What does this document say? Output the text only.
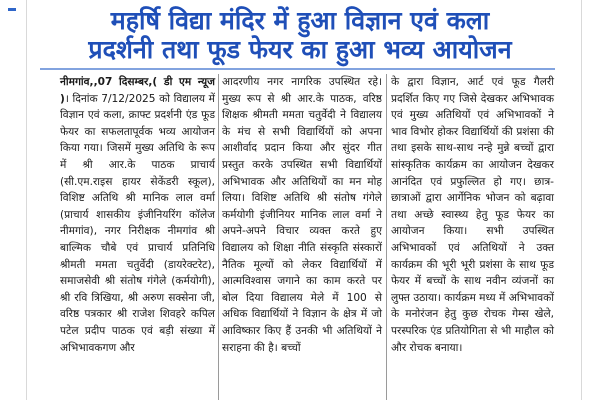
महर्षि विद्या मंदिर में हुआ विज्ञान एवं कला

प्रदर्शनी तथा फूड फेयर का हुआ भव्य आयोजन

नीमगांव,,07 दिसम्बर,( डी एम न्यूज )। दिनांक 7/12/2025 को विद्यालय में विज्ञान एवं कला, क्राफ्ट प्रदर्शनी एंड फूड फेयर का सफलतापूर्वक भव्य आयोजन किया गया। जिसमें मुख्य अतिथि के रूप में श्री आर.के पाठक प्राचार्य (सी.एम.राइस हायर सेकेंडरी स्कूल), विशिष्ट अतिथि श्री मानिक लाल वर्मा (प्राचार्य शासकीय इंजीनियरिंग कॉलेज नीमगांव), नगर निरीक्षक नीमगांव श्री बाल्मिक चौबे एवं प्राचार्य प्रतिनिधि श्रीमती ममता चतुर्वेदी (डायरेक्टरेट), समाजसेवी श्री संतोष गंगेले (कर्मयोगी), श्री रवि त्रिखिया, श्री अरुण सक्सेना जी, वरिष्ठ पत्रकार श्री राजेश शिवहरे कपिल पटेल प्रदीप पाठक एवं बड़ी संख्या में अभिभावकगण और

आदरणीय नगर नागरिक उपस्थित रहे। मुख्य रूप से श्री आर.के पाठक, वरिष्ठ शिक्षक श्रीमती ममता चतुर्वेदी ने विद्यालय के मंच से सभी विद्यार्थियों को अपना आशीर्वाद प्रदान किया और सुंदर गीत प्रस्तुत करके उपस्थित सभी विद्यार्थियों अभिभावक और अतिथियों का मन मोह लिया। विशिष्ट अतिथि श्री संतोष गंगेले कर्मयोगी इंजीनियर मानिक लाल वर्मा ने अपने-अपने विचार व्यक्त करते हुए विद्यालय को शिक्षा नीति संस्कृति संस्कारों नैतिक मूल्यों को लेकर विद्यार्थियों में आत्मविश्वास जगाने का काम करते पर बोल दिया विद्यालय मेले में 100 से अधिक विद्यार्थियों ने विज्ञान के क्षेत्र में जो आविष्कार किए हैं उनकी भी अतिथियों ने सराहना की है। बच्चों

के द्वारा विज्ञान, आर्ट एवं फूड गैलरी प्रदर्शित किए गए जिसे देखकर अभिभावक एवं मुख्य अतिथियों एवं अभिभावकों ने भाव विभोर होकर विद्यार्थियों की प्रशंसा की तथा इसके साथ-साथ नन्हे मुन्ने बच्चों द्वारा सांस्कृतिक कार्यक्रम का आयोजन देखकर आनंदित एवं प्रफुल्लित हो गए। छात्र-छात्राओं द्वारा आर्गेनिक भोजन को बढ़ावा तथा अच्छे स्वास्थ्य हेतु फूड फेयर का आयोजन किया। सभी उपस्थित अभिभावकों एवं अतिथियों ने उक्त कार्यक्रम की भूरी भूरी प्रशंसा के साथ फूड फेयर में बच्चों के साथ नवीन व्यंजनों का लुफ्त उठाया। कार्यक्रम मध्य में अभिभावकों के मनोरंजन हेतु कुछ रोचक गेम्स खेले, परस्परिक एंड प्रतियोगिता से भी माहौल को और रोचक बनाया।
